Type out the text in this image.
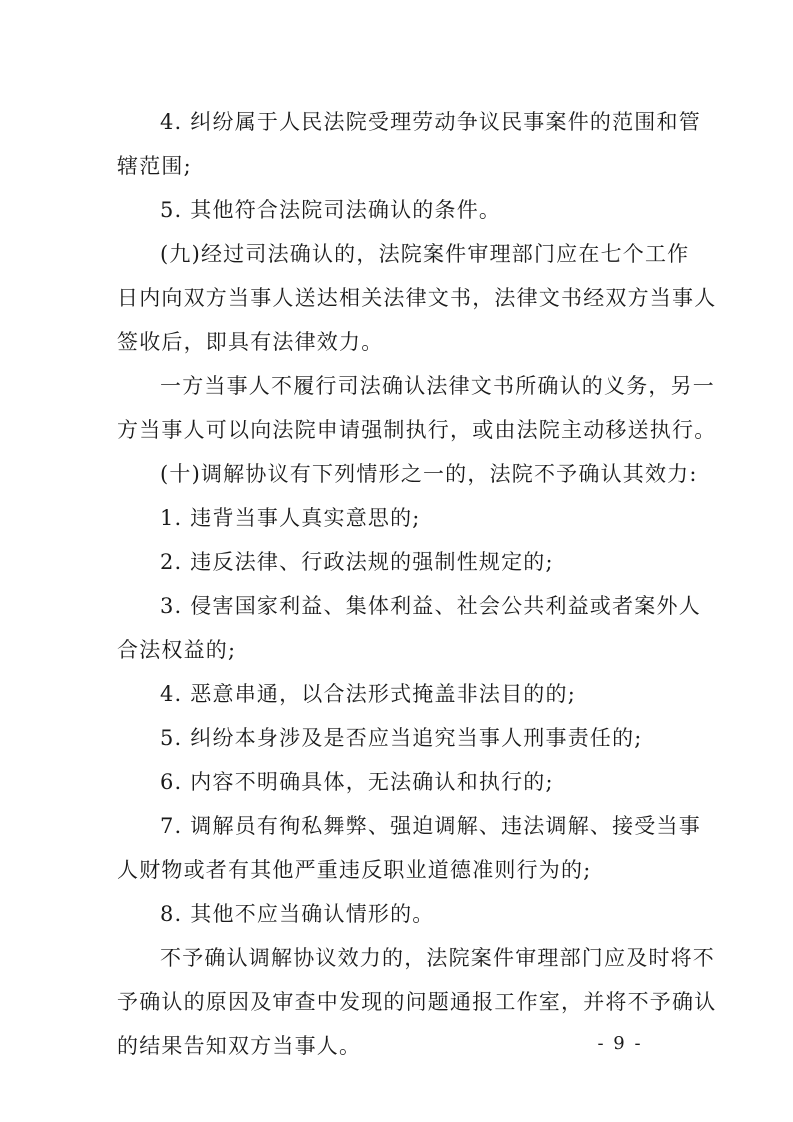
4. 纠纷属于人民法院受理劳动争议民事案件的范围和管
辖范围;
5. 其他符合法院司法确认的条件。
(九)经过司法确认的，法院案件审理部门应在七个工作
日内向双方当事人送达相关法律文书，法律文书经双方当事人
签收后，即具有法律效力。
一方当事人不履行司法确认法律文书所确认的义务，另一
方当事人可以向法院申请强制执行，或由法院主动移送执行。
(十)调解协议有下列情形之一的，法院不予确认其效力:
1. 违背当事人真实意思的;
2. 违反法律、行政法规的强制性规定的;
3. 侵害国家利益、集体利益、社会公共利益或者案外人
合法权益的;
4. 恶意串通，以合法形式掩盖非法目的的;
5. 纠纷本身涉及是否应当追究当事人刑事责任的;
6. 内容不明确具体，无法确认和执行的;
7. 调解员有徇私舞弊、强迫调解、违法调解、接受当事
人财物或者有其他严重违反职业道德准则行为的;
8. 其他不应当确认情形的。
不予确认调解协议效力的，法院案件审理部门应及时将不
予确认的原因及审查中发现的问题通报工作室，并将不予确认
的结果告知双方当事人。	- 9 -
